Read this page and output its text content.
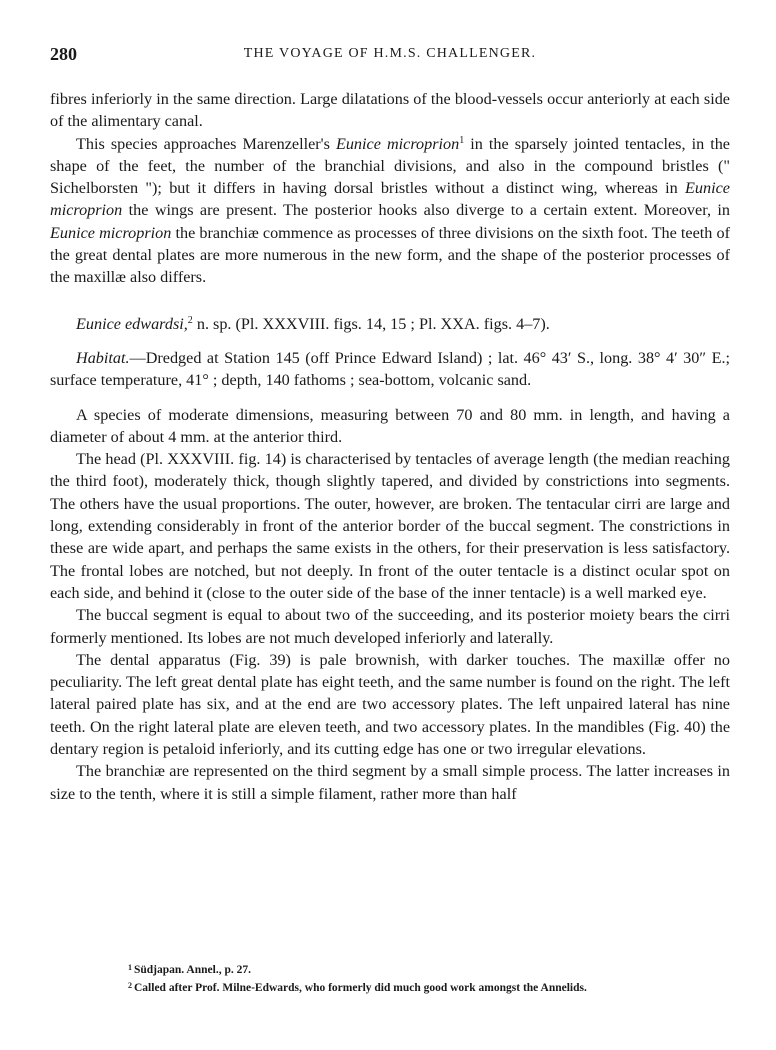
280	THE VOYAGE OF H.M.S. CHALLENGER.

fibres inferiorly in the same direction. Large dilatations of the blood-vessels occur anteriorly at each side of the alimentary canal.

This species approaches Marenzeller's Eunice microprion$^1$ in the sparsely jointed tentacles, in the shape of the feet, the number of the branchial divisions, and also in the compound bristles (" Sichelborsten "); but it differs in having dorsal bristles without a distinct wing, whereas in Eunice microprion the wings are present. The posterior hooks also diverge to a certain extent. Moreover, in Eunice microprion the branchiæ commence as processes of three divisions on the sixth foot. The teeth of the great dental plates are more numerous in the new form, and the shape of the posterior processes of the maxillæ also differs.

Eunice edwardsi,$^2$ n. sp. (Pl. XXXVIII. figs. 14, 15 ; Pl. XXA. figs. 4–7).

Habitat.—Dredged at Station 145 (off Prince Edward Island) ; lat. 46° 43′ S., long. 38° 4′ 30″ E.; surface temperature, 41° ; depth, 140 fathoms ; sea-bottom, volcanic sand.

A species of moderate dimensions, measuring between 70 and 80 mm. in length, and having a diameter of about 4 mm. at the anterior third.

The head (Pl. XXXVIII. fig. 14) is characterised by tentacles of average length (the median reaching the third foot), moderately thick, though slightly tapered, and divided by constrictions into segments. The others have the usual proportions. The outer, however, are broken. The tentacular cirri are large and long, extending considerably in front of the anterior border of the buccal segment. The constrictions in these are wide apart, and perhaps the same exists in the others, for their preservation is less satisfactory. The frontal lobes are notched, but not deeply. In front of the outer tentacle is a distinct ocular spot on each side, and behind it (close to the outer side of the base of the inner tentacle) is a well marked eye.

The buccal segment is equal to about two of the succeeding, and its posterior moiety bears the cirri formerly mentioned. Its lobes are not much developed inferiorly and laterally.

The dental apparatus (Fig. 39) is pale brownish, with darker touches. The maxillæ offer no peculiarity. The left great dental plate has eight teeth, and the same number is found on the right. The left lateral paired plate has six, and at the end are two accessory plates. The left unpaired lateral has nine teeth. On the right lateral plate are eleven teeth, and two accessory plates. In the mandibles (Fig. 40) the dentary region is petaloid inferiorly, and its cutting edge has one or two irregular elevations.

The branchiæ are represented on the third segment by a small simple process. The latter increases in size to the tenth, where it is still a simple filament, rather more than half

$^1$ Südjapan. Annel., p. 27.
$^2$ Called after Prof. Milne-Edwards, who formerly did much good work amongst the Annelids.
